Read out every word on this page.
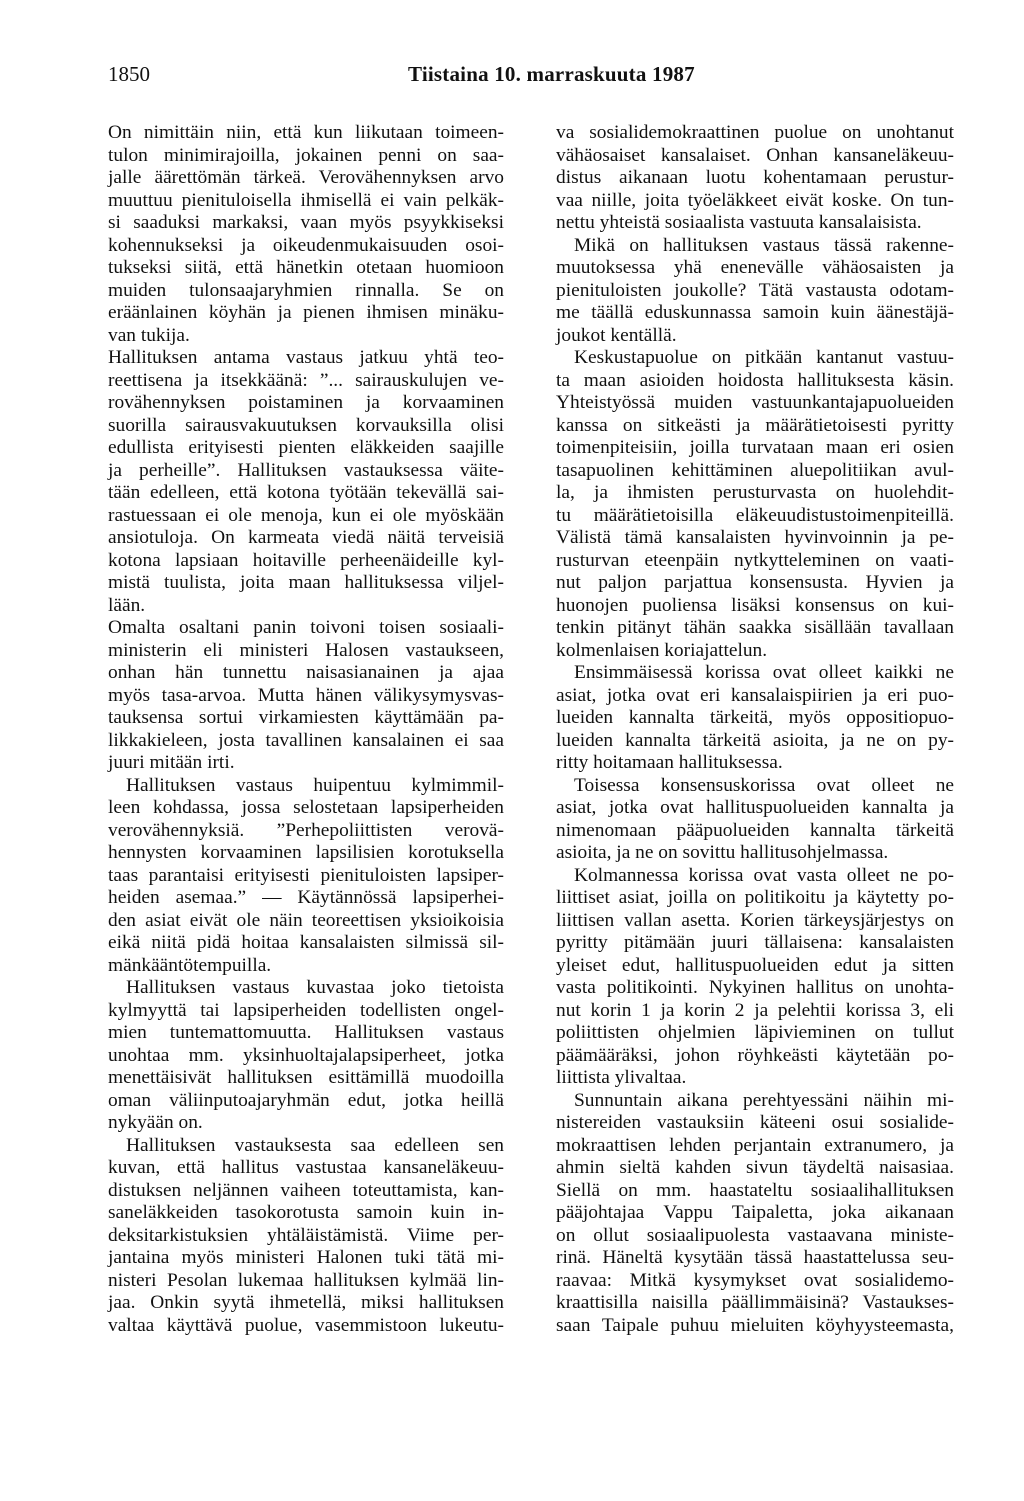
1850	Tiistaina 10. marraskuuta 1987
On nimittäin niin, että kun liikutaan toimeen-
tulon minimirajoilla, jokainen penni on saa-
jalle äärettömän tärkeä. Verovähennyksen arvo
muuttuu pienituloisella ihmisellä ei vain pelkäk-
si saaduksi markaksi, vaan myös psyykkiseksi
kohennukseksi ja oikeudenmukaisuuden osoi-
tukseksi siitä, että hänetkin otetaan huomioon
muiden tulonsaajaryhmien rinnalla. Se on
eräänlainen köyhän ja pienen ihmisen minäku-
van tukija.
Hallituksen antama vastaus jatkuu yhtä teo-
reettisena ja itsekkäänä: ”... sairauskulujen ve-
rovähennyksen poistaminen ja korvaaminen
suorilla sairausvakuutuksen korvauksilla olisi
edullista erityisesti pienten eläkkeiden saajille
ja perheille”. Hallituksen vastauksessa väite-
tään edelleen, että kotona työtään tekevällä sai-
rastuessaan ei ole menoja, kun ei ole myöskään
ansiotuloja. On karmeata viedä näitä terveisiä
kotona lapsiaan hoitaville perheenäideille kyl-
mistä tuulista, joita maan hallituksessa viljel-
lään.
Omalta osaltani panin toivoni toisen sosiaali-
ministerin eli ministeri Halosen vastaukseen,
onhan hän tunnettu naisasianainen ja ajaa
myös tasa-arvoa. Mutta hänen välikysymysvas-
tauksensa sortui virkamiesten käyttämään pa-
likkakieleen, josta tavallinen kansalainen ei saa
juuri mitään irti.
Hallituksen vastaus huipentuu kylmimmil-
leen kohdassa, jossa selostetaan lapsiperheiden
verovähennyksiä. ”Perhepoliittisten verovä-
hennysten korvaaminen lapsilisien korotuksella
taas parantaisi erityisesti pienituloisten lapsiper-
heiden asemaa.” — Käytännössä lapsiperhei-
den asiat eivät ole näin teoreettisen yksioikoisia
eikä niitä pidä hoitaa kansalaisten silmissä sil-
mänkääntötempuilla.
Hallituksen vastaus kuvastaa joko tietoista
kylmyyttä tai lapsiperheiden todellisten ongel-
mien tuntemattomuutta. Hallituksen vastaus
unohtaa mm. yksinhuoltajalapsiperheet, jotka
menettäisivät hallituksen esittämillä muodoilla
oman väliinputoajaryhmän edut, jotka heillä
nykyään on.
Hallituksen vastauksesta saa edelleen sen
kuvan, että hallitus vastustaa kansaneläkeuu-
distuksen neljännen vaiheen toteuttamista, kan-
saneläkkeiden tasokorotusta samoin kuin in-
deksitarkistuksien yhtäläistämistä. Viime per-
jantaina myös ministeri Halonen tuki tätä mi-
nisteri Pesolan lukemaa hallituksen kylmää lin-
jaa. Onkin syytä ihmetellä, miksi hallituksen
valtaa käyttävä puolue, vasemmistoon lukeutu-
va sosialidemokraattinen puolue on unohtanut
vähäosaiset kansalaiset. Onhan kansaneläkeuu-
distus aikanaan luotu kohentamaan perustur-
vaa niille, joita työeläkkeet eivät koske. On tun-
nettu yhteistä sosiaalista vastuuta kansalaisista.
Mikä on hallituksen vastaus tässä rakenne-
muutoksessa yhä enenevälle vähäosaisten ja
pienituloisten joukolle? Tätä vastausta odotam-
me täällä eduskunnassa samoin kuin äänestäjä-
joukot kentällä.
Keskustapuolue on pitkään kantanut vastuu-
ta maan asioiden hoidosta hallituksesta käsin.
Yhteistyössä muiden vastuunkantajapuolueiden
kanssa on sitkeästi ja määrätietoisesti pyritty
toimenpiteisiin, joilla turvataan maan eri osien
tasapuolinen kehittäminen aluepolitiikan avul-
la, ja ihmisten perusturvasta on huolehdit-
tu määrätietoisilla eläkeuudistustoimenpiteillä.
Välistä tämä kansalaisten hyvinvoinnin ja pe-
rusturvan eteenpäin nytkyttelеminen on vaati-
nut paljon parjattua konsensusta. Hyvien ja
huonojen puoliensa lisäksi konsensus on kui-
tenkin pitänyt tähän saakka sisällään tavallaan
kolmenlaisen koriajattelun.
Ensimmäisessä korissa ovat olleet kaikki ne
asiat, jotka ovat eri kansalaispiirien ja eri puo-
lueiden kannalta tärkeitä, myös oppositiopuo-
lueiden kannalta tärkeitä asioita, ja ne on py-
ritty hoitamaan hallituksessa.
Toisessa konsensuskorissa ovat olleet ne
asiat, jotka ovat hallituspuolueiden kannalta ja
nimenomaan pääpuolueiden kannalta tärkeitä
asioita, ja ne on sovittu hallitusohjelmassa.
Kolmannessa korissa ovat vasta olleet ne po-
liittiset asiat, joilla on politikoitu ja käytetty po-
liittisen vallan asetta. Korien tärkeysjärjestys on
pyritty pitämään juuri tällaisena: kansalaisten
yleiset edut, hallituspuolueiden edut ja sitten
vasta politikointi. Nykyinen hallitus on unohta-
nut korin 1 ja korin 2 ja pelehtii korissa 3, eli
poliittisten ohjelmien läpivieminen on tullut
päämääräksi, johon röyhkeästi käytetään po-
liittista ylivaltaa.
Sunnuntain aikana perehtyessäni näihin mi-
nistereiden vastauksiin käteeni osui sosialide-
mokraattisen lehden perjantain extranumero, ja
ahmin sieltä kahden sivun täydeltä naisasiaa.
Siellä on mm. haastateltu sosiaalihallituksen
pääjohtajaa Vappu Taipaletta, joka aikanaan
on ollut sosiaalipuolesta vastaavana ministe-
rinä. Häneltä kysytään tässä haastattelussa seu-
raavaa: Mitkä kysymykset ovat sosialidemo-
kraattisilla naisilla päällimmäisinä? Vastaukses-
saan Taipale puhuu mieluiten köyhyysteemasta,
